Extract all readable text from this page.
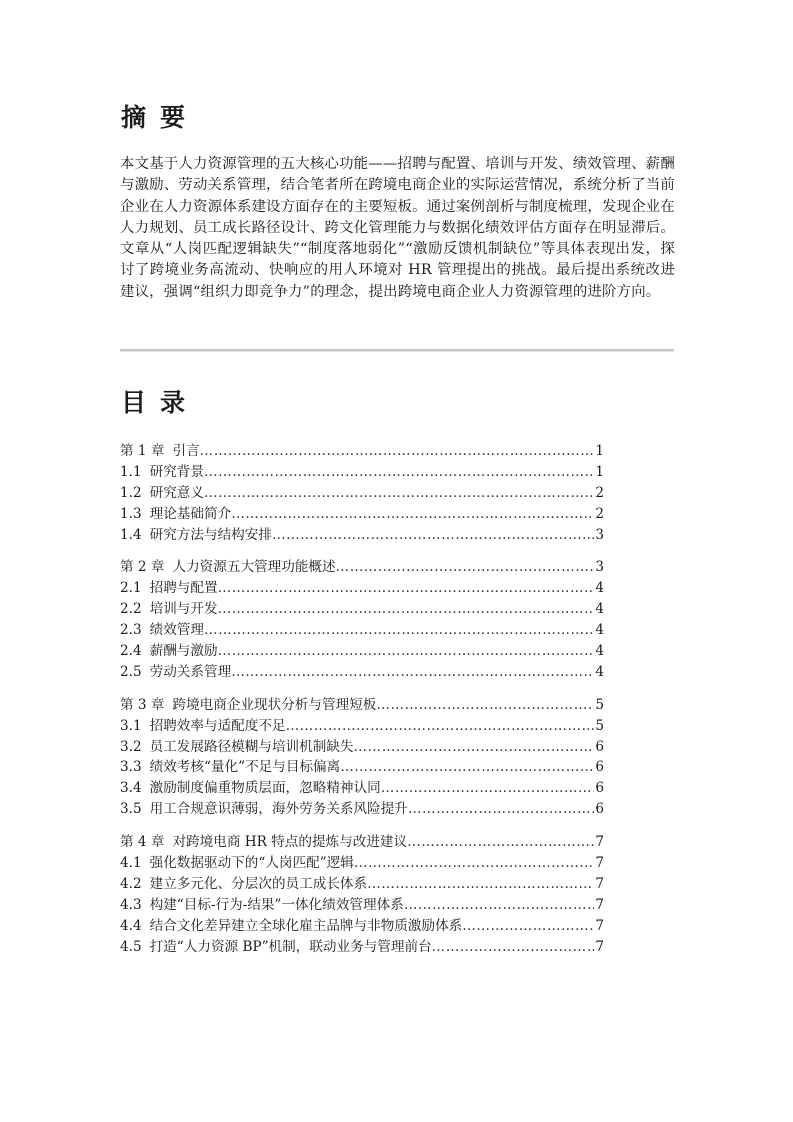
摘要

本文基于人力资源管理的五大核心功能——招聘与配置、培训与开发、绩效管理、薪酬与激励、劳动关系管理，结合笔者所在跨境电商企业的实际运营情况，系统分析了当前企业在人力资源体系建设方面存在的主要短板。通过案例剖析与制度梳理，发现企业在人力规划、员工成长路径设计、跨文化管理能力与数据化绩效评估方面存在明显滞后。文章从“人岗匹配逻辑缺失”“制度落地弱化”“激励反馈机制缺位”等具体表现出发，探讨了跨境业务高流动、快响应的用人环境对 HR 管理提出的挑战。最后提出系统改进建议，强调“组织力即竞争力”的理念，提出跨境电商企业人力资源管理的进阶方向。

目录
第 1 章 引言 ………………………………………………………………………………………………………………………………	1
1.1 研究背景 ………………………………………………………………………………………………………………………………	1
1.2 研究意义 ………………………………………………………………………………………………………………………………	2
1.3 理论基础简介 ………………………………………………………………………………………………………………………………	2
1.4 研究方法与结构安排 ………………………………………………………………………………………………………………………………	3
第 2 章 人力资源五大管理功能概述 ………………………………………………………………………………………………………………………………	3
2.1 招聘与配置 ………………………………………………………………………………………………………………………………	4
2.2 培训与开发 ………………………………………………………………………………………………………………………………	4
2.3 绩效管理 ………………………………………………………………………………………………………………………………	4
2.4 薪酬与激励 ………………………………………………………………………………………………………………………………	4
2.5 劳动关系管理 ………………………………………………………………………………………………………………………………	4
第 3 章 跨境电商企业现状分析与管理短板 ………………………………………………………………………………………………………………………………	5
3.1 招聘效率与适配度不足 ………………………………………………………………………………………………………………………………	5
3.2 员工发展路径模糊与培训机制缺失 ………………………………………………………………………………………………………………………………	6
3.3 绩效考核“量化”不足与目标偏离 ………………………………………………………………………………………………………………………………	6
3.4 激励制度偏重物质层面，忽略精神认同 ………………………………………………………………………………………………………………………………	6
3.5 用工合规意识薄弱，海外劳务关系风险提升 ………………………………………………………………………………………………………………………………	6
第 4 章 对跨境电商 HR 特点的提炼与改进建议 ………………………………………………………………………………………………………………………………	7
4.1 强化数据驱动下的“人岗匹配”逻辑 ………………………………………………………………………………………………………………………………	7
4.2 建立多元化、分层次的员工成长体系 ………………………………………………………………………………………………………………………………	7
4.3 构建“目标-行为-结果”一体化绩效管理体系 ………………………………………………………………………………………………………………………………	7
4.4 结合文化差异建立全球化雇主品牌与非物质激励体系 ………………………………………………………………………………………………………………………………	7
4.5 打造“人力资源 BP”机制，联动业务与管理前台 ………………………………………………………………………………………………………………………………	7
